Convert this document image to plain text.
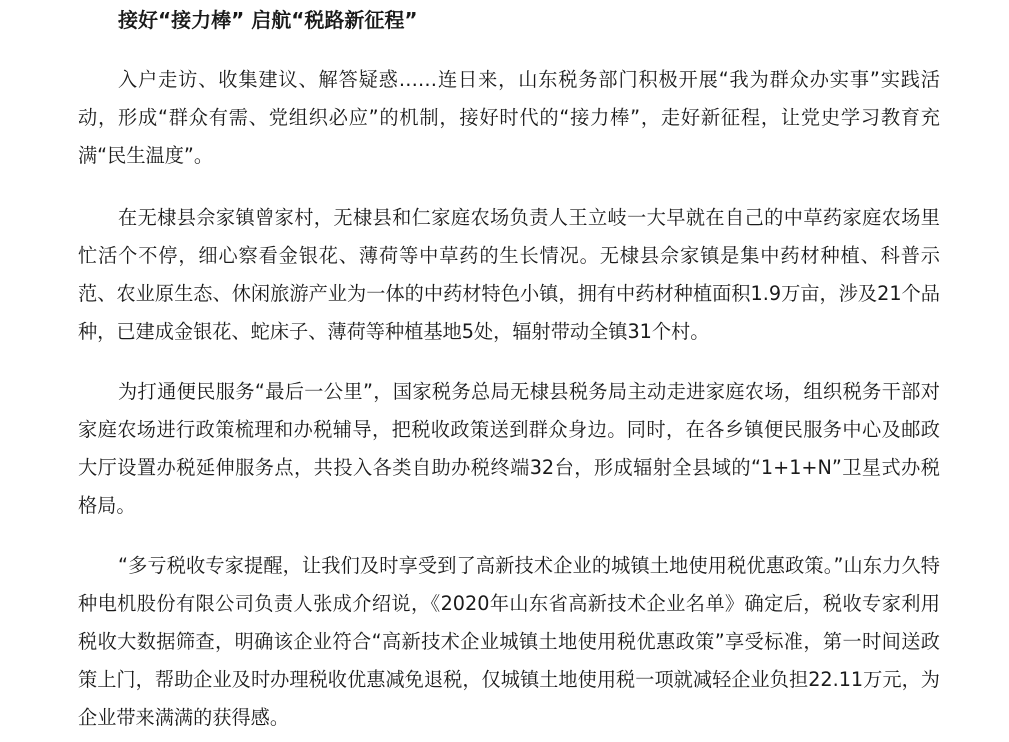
接好“接力棒” 启航“税路新征程”

入户走访、收集建议、解答疑惑……连日来，山东税务部门积极开展“我为群众办实事”实践活动，形成“群众有需、党组织必应”的机制，接好时代的“接力棒”，走好新征程，让党史学习教育充满“民生温度”。

在无棣县佘家镇曾家村，无棣县和仁家庭农场负责人王立岐一大早就在自己的中草药家庭农场里忙活个不停，细心察看金银花、薄荷等中草药的生长情况。无棣县佘家镇是集中药材种植、科普示范、农业原生态、休闲旅游产业为一体的中药材特色小镇，拥有中药材种植面积1.9万亩，涉及21个品种，已建成金银花、蛇床子、薄荷等种植基地5处，辐射带动全镇31个村。

为打通便民服务“最后一公里”，国家税务总局无棣县税务局主动走进家庭农场，组织税务干部对家庭农场进行政策梳理和办税辅导，把税收政策送到群众身边。同时，在各乡镇便民服务中心及邮政大厅设置办税延伸服务点，共投入各类自助办税终端32台，形成辐射全县域的“1+1+N”卫星式办税格局。

“多亏税收专家提醒，让我们及时享受到了高新技术企业的城镇土地使用税优惠政策。”山东力久特种电机股份有限公司负责人张成介绍说，《2020年山东省高新技术企业名单》确定后，税收专家利用税收大数据筛查，明确该企业符合“高新技术企业城镇土地使用税优惠政策”享受标准，第一时间送政策上门，帮助企业及时办理税收优惠减免退税，仅城镇土地使用税一项就减轻企业负担22.11万元，为企业带来满满的获得感。
